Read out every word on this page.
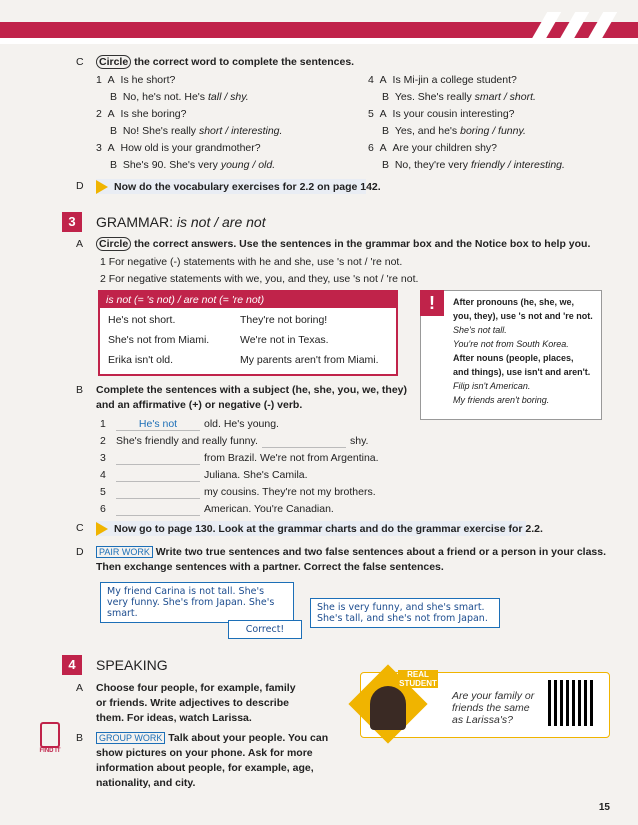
C Circle the correct word to complete the sentences.
1  A  Is he short?
B  No, he's not. He's tall / shy.
2  A  Is she boring?
B  No! She's really short / interesting.
3  A  How old is your grandmother?
B  She's 90. She's very young / old.
4  A  Is Mi-jin a college student?
B  Yes. She's really smart / short.
5  A  Is your cousin interesting?
B  Yes, and he's boring / funny.
6  A  Are your children shy?
B  No, they're very friendly / interesting.
D	Now do the vocabulary exercises for 2.2 on page 142.
3	GRAMMAR: is not / are not
A Circle the correct answers. Use the sentences in the grammar box and the Notice box to help you.
1 For negative (-) statements with he and she, use 's not / 're not.
2 For negative statements with we, you, and they, use 's not / 're not.
is not (= 's not) / are not (= 're not)
He's not short.	They're not boring!
She's not from Miami.	We're not in Texas.
Erika isn't old.	My parents aren't from Miami.
After pronouns (he, she, we,
you, they), use 's not and 're not.
She's not tall.
You're not from South Korea.
After nouns (people, places,
and things), use isn't and aren't.
Filip isn't American.
My friends aren't boring.
!
B Complete the sentences with a subject (he, she, you, we, they)
and an affirmative (+) or negative (-) verb.
1	He's not	old. He's young.
2 She's friendly and really funny.	shy.
3	from Brazil. We're not from Argentina.
4	Juliana. She's Camila.
5	my cousins. They're not my brothers.
6	American. You're Canadian.
C	Now go to page 130. Look at the grammar charts and do the grammar exercise for 2.2.
D	PAIR WORK Write two true sentences and two false sentences about a friend or a person in your class.
Then exchange sentences with a partner. Correct the false sentences.
My friend Carina is not tall. She's very funny. She's from Japan. She's smart.
She is very funny, and she's smart. She's tall, and she's not from Japan.
Correct!
4	SPEAKING
A Choose four people, for example, family
or friends. Write adjectives to describe
them. For ideas, watch Larissa.
REAL STUDENT
Are your family or friends the same as Larissa's?
FIND IT
B	GROUP WORK Talk about your people. You can
show pictures on your phone. Ask for more
information about people, for example, age,
nationality, and city.
15
